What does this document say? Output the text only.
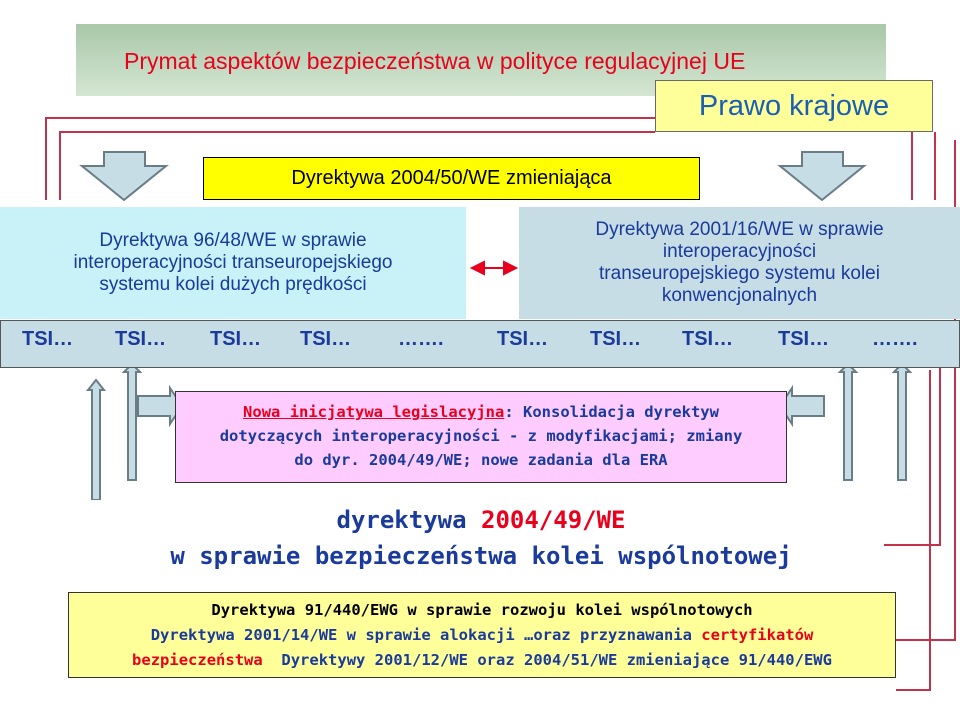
Prymat aspektów bezpieczeństwa w polityce regulacyjnej UE
Prawo krajowe
Dyrektywa 2004/50/WE zmieniająca
Dyrektywa 96/48/WE w sprawie
interoperacyjności transeuropejskiego
systemu kolei dużych prędkości
Dyrektywa 2001/16/WE w sprawie
interoperacyjności
transeuropejskiego systemu kolei
konwencjonalnych
TSI… TSI… TSI… TSI… …….	TSI… TSI… TSI… TSI… …….
Nowa inicjatywa legislacyjna: Konsolidacja dyrektyw
dotyczących interoperacyjności - z modyfikacjami; zmiany
do dyr. 2004/49/WE; nowe zadania dla ERA
dyrektywa 2004/49/WE
w sprawie bezpieczeństwa kolei wspólnotowej
Dyrektywa 91/440/EWG w sprawie rozwoju kolei wspólnotowych
Dyrektywa 2001/14/WE w sprawie alokacji …oraz przyznawania certyfikatów
bezpieczeństwa  Dyrektywy 2001/12/WE oraz 2004/51/WE zmieniające 91/440/EWG
